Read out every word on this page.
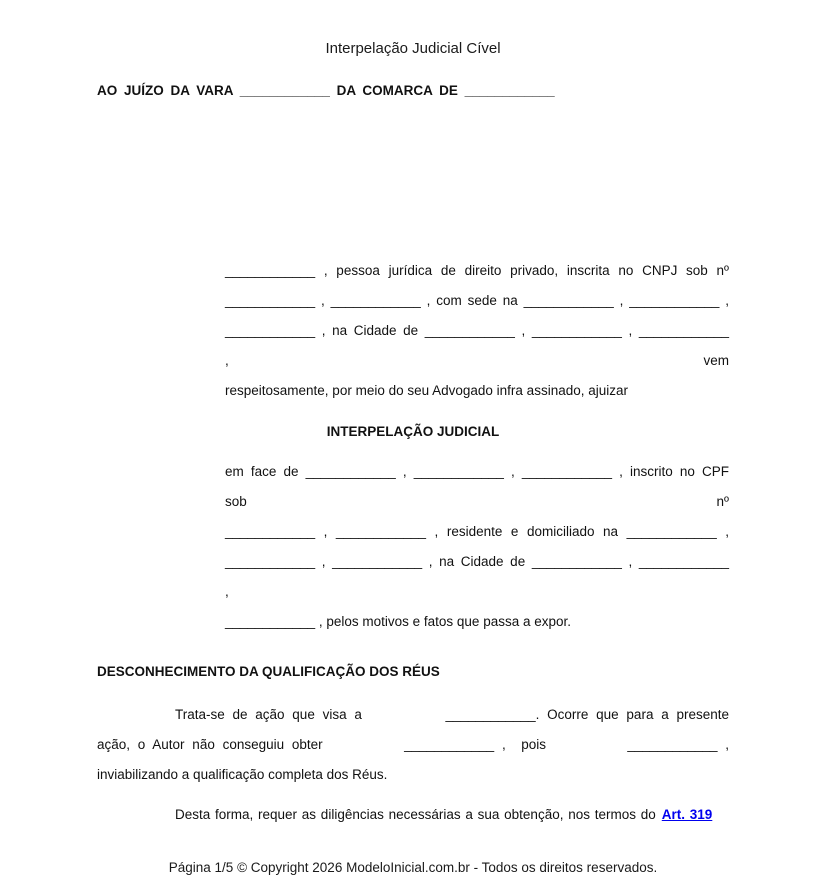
Interpelação Judicial Cível
AO JUÍZO DA VARA ____________ DA COMARCA DE ____________
____________ , pessoa jurídica de direito privado, inscrita no CNPJ sob nº
____________ , ____________ , com sede na ____________ , ____________ ,
____________ , na Cidade de ____________ , ____________ , ____________ , vem
respeitosamente, por meio do seu Advogado infra assinado, ajuizar
INTERPELAÇÃO JUDICIAL
em face de ____________ , ____________ , ____________ , inscrito no CPF sob nº
____________ , ____________ , residente e domiciliado na ____________ ,
____________ , ____________ , na Cidade de ____________ , ____________ ,
____________ , pelos motivos e fatos que passa a expor.
DESCONHECIMENTO DA QUALIFICAÇÃO DOS RÉUS
Trata-se de ação que visa a	____________. Ocorre que para a presente
ação, o Autor não conseguiu obter	____________ ,  pois	____________ ,
inviabilizando a qualificação completa dos Réus.
Desta forma, requer as diligências necessárias a sua obtenção, nos termos do Art. 319
Página 1/5 © Copyright 2026 ModeloInicial.com.br - Todos os direitos reservados.
